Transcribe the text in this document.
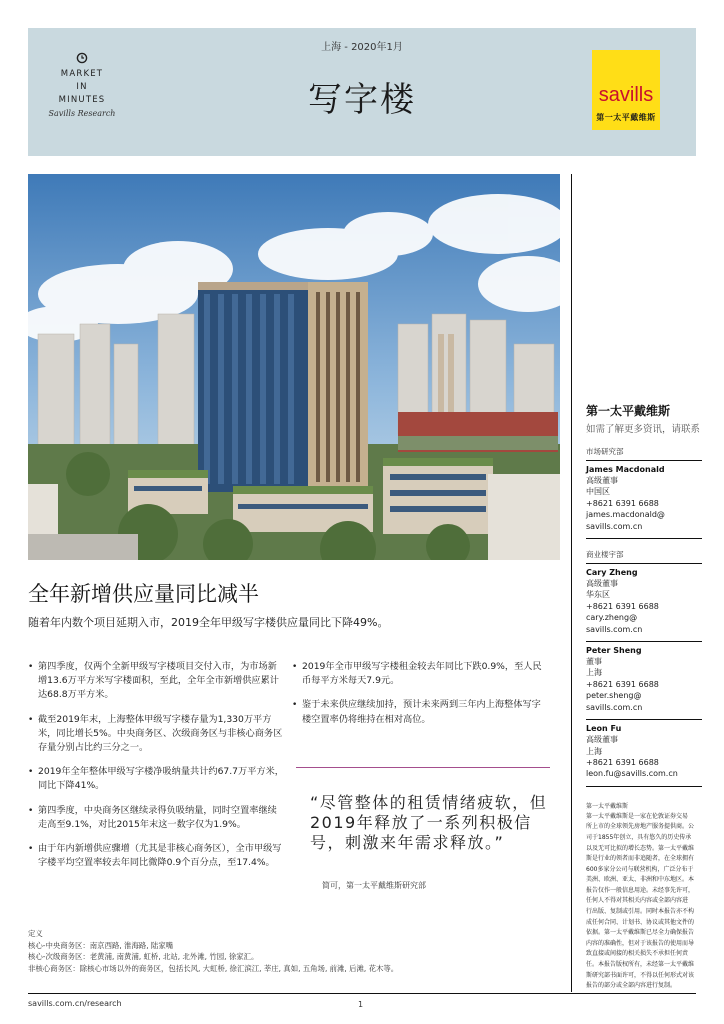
MARKET
IN
MINUTES
Savills Research
上海 - 2020年1月
写字楼	savills
第一太平戴维斯
第一太平戴维斯
如需了解更多资讯，请联系
市场研究部
James Macdonald
高级董事
中国区
+8621 6391 6688
james.macdonald@
savills.com.cn
商业楼宇部
Cary Zheng
高级董事
华东区
+8621 6391 6688
cary.zheng@
savills.com.cn
Peter Sheng
董事
上海
+8621 6391 6688
peter.sheng@
savills.com.cn
Leon Fu
高级董事
上海
+8621 6391 6688
leon.fu@savills.com.cn
第一太平戴维斯
第一太平戴维斯是一家在伦敦证券交易
所上市的全球领先房地产服务提供商。公
司于1855年创立，具有悠久的历史传承
以及无可比拟的增长态势。第一太平戴维
斯是行业的领者而非追随者，在全球拥有
600多家分公司与联营机构，广泛分布于
美洲、欧洲、亚太、非洲和中东地区。本
报告仅作一般信息用途。未经事先许可，
任何人不得对其相关内容或全部内容进
行出版、复制或引用。同时本报告亦不构
成任何合同、计划书、协议或其他文件的
依据。第一太平戴维斯已尽全力确保报告
内容的准确性，但对于该报告的使用而导
致直接或间接的相关损失不承担任何责
任。本报告版权所有，未经第一太平戴维
斯研究部书面许可，不得以任何形式对该
报告的部分或全部内容进行复制。
全年新增供应量同比减半
随着年内数个项目延期入市，2019全年甲级写字楼供应量同比下降49%。
• 第四季度，仅两个全新甲级写字楼项目交付入市，为市场新增13.6万平方米写字楼面积，至此，全年全市新增供应累计达68.8万平方米。
• 截至2019年末，上海整体甲级写字楼存量为1,330万平方米，同比增长5%。中央商务区、次级商务区与非核心商务区存量分别占比约三分之一。
• 2019年全年整体甲级写字楼净吸纳量共计约67.7万平方米，同比下降41%。
• 第四季度，中央商务区继续录得负吸纳量，同时空置率继续走高至9.1%，对比2015年末这一数字仅为1.9%。
• 由于年内新增供应骤增（尤其是非核心商务区），全市甲级写字楼平均空置率较去年同比微降0.9个百分点，至17.4%。
• 2019年全市甲级写字楼租金较去年同比下跌0.9%，至人民币每平方米每天7.9元。
• 鉴于未来供应继续加持，预计未来两到三年内上海整体写字楼空置率仍将维持在相对高位。
“尽管整体的租赁情绪疲软，但2019年释放了一系列积极信号，刺激来年需求释放。”
简可，第一太平戴维斯研究部
定义
核心-中央商务区：南京西路, 淮海路, 陆家嘴
核心-次级商务区：老黄浦, 南黄浦, 虹桥, 北站, 北外滩, 竹园, 徐家汇。
非核心商务区：除核心市场以外的商务区，包括长风, 大虹桥, 徐汇滨江, 莘庄, 真如, 五角场, 前滩, 后滩, 花木等。
savills.com.cn/research	1
